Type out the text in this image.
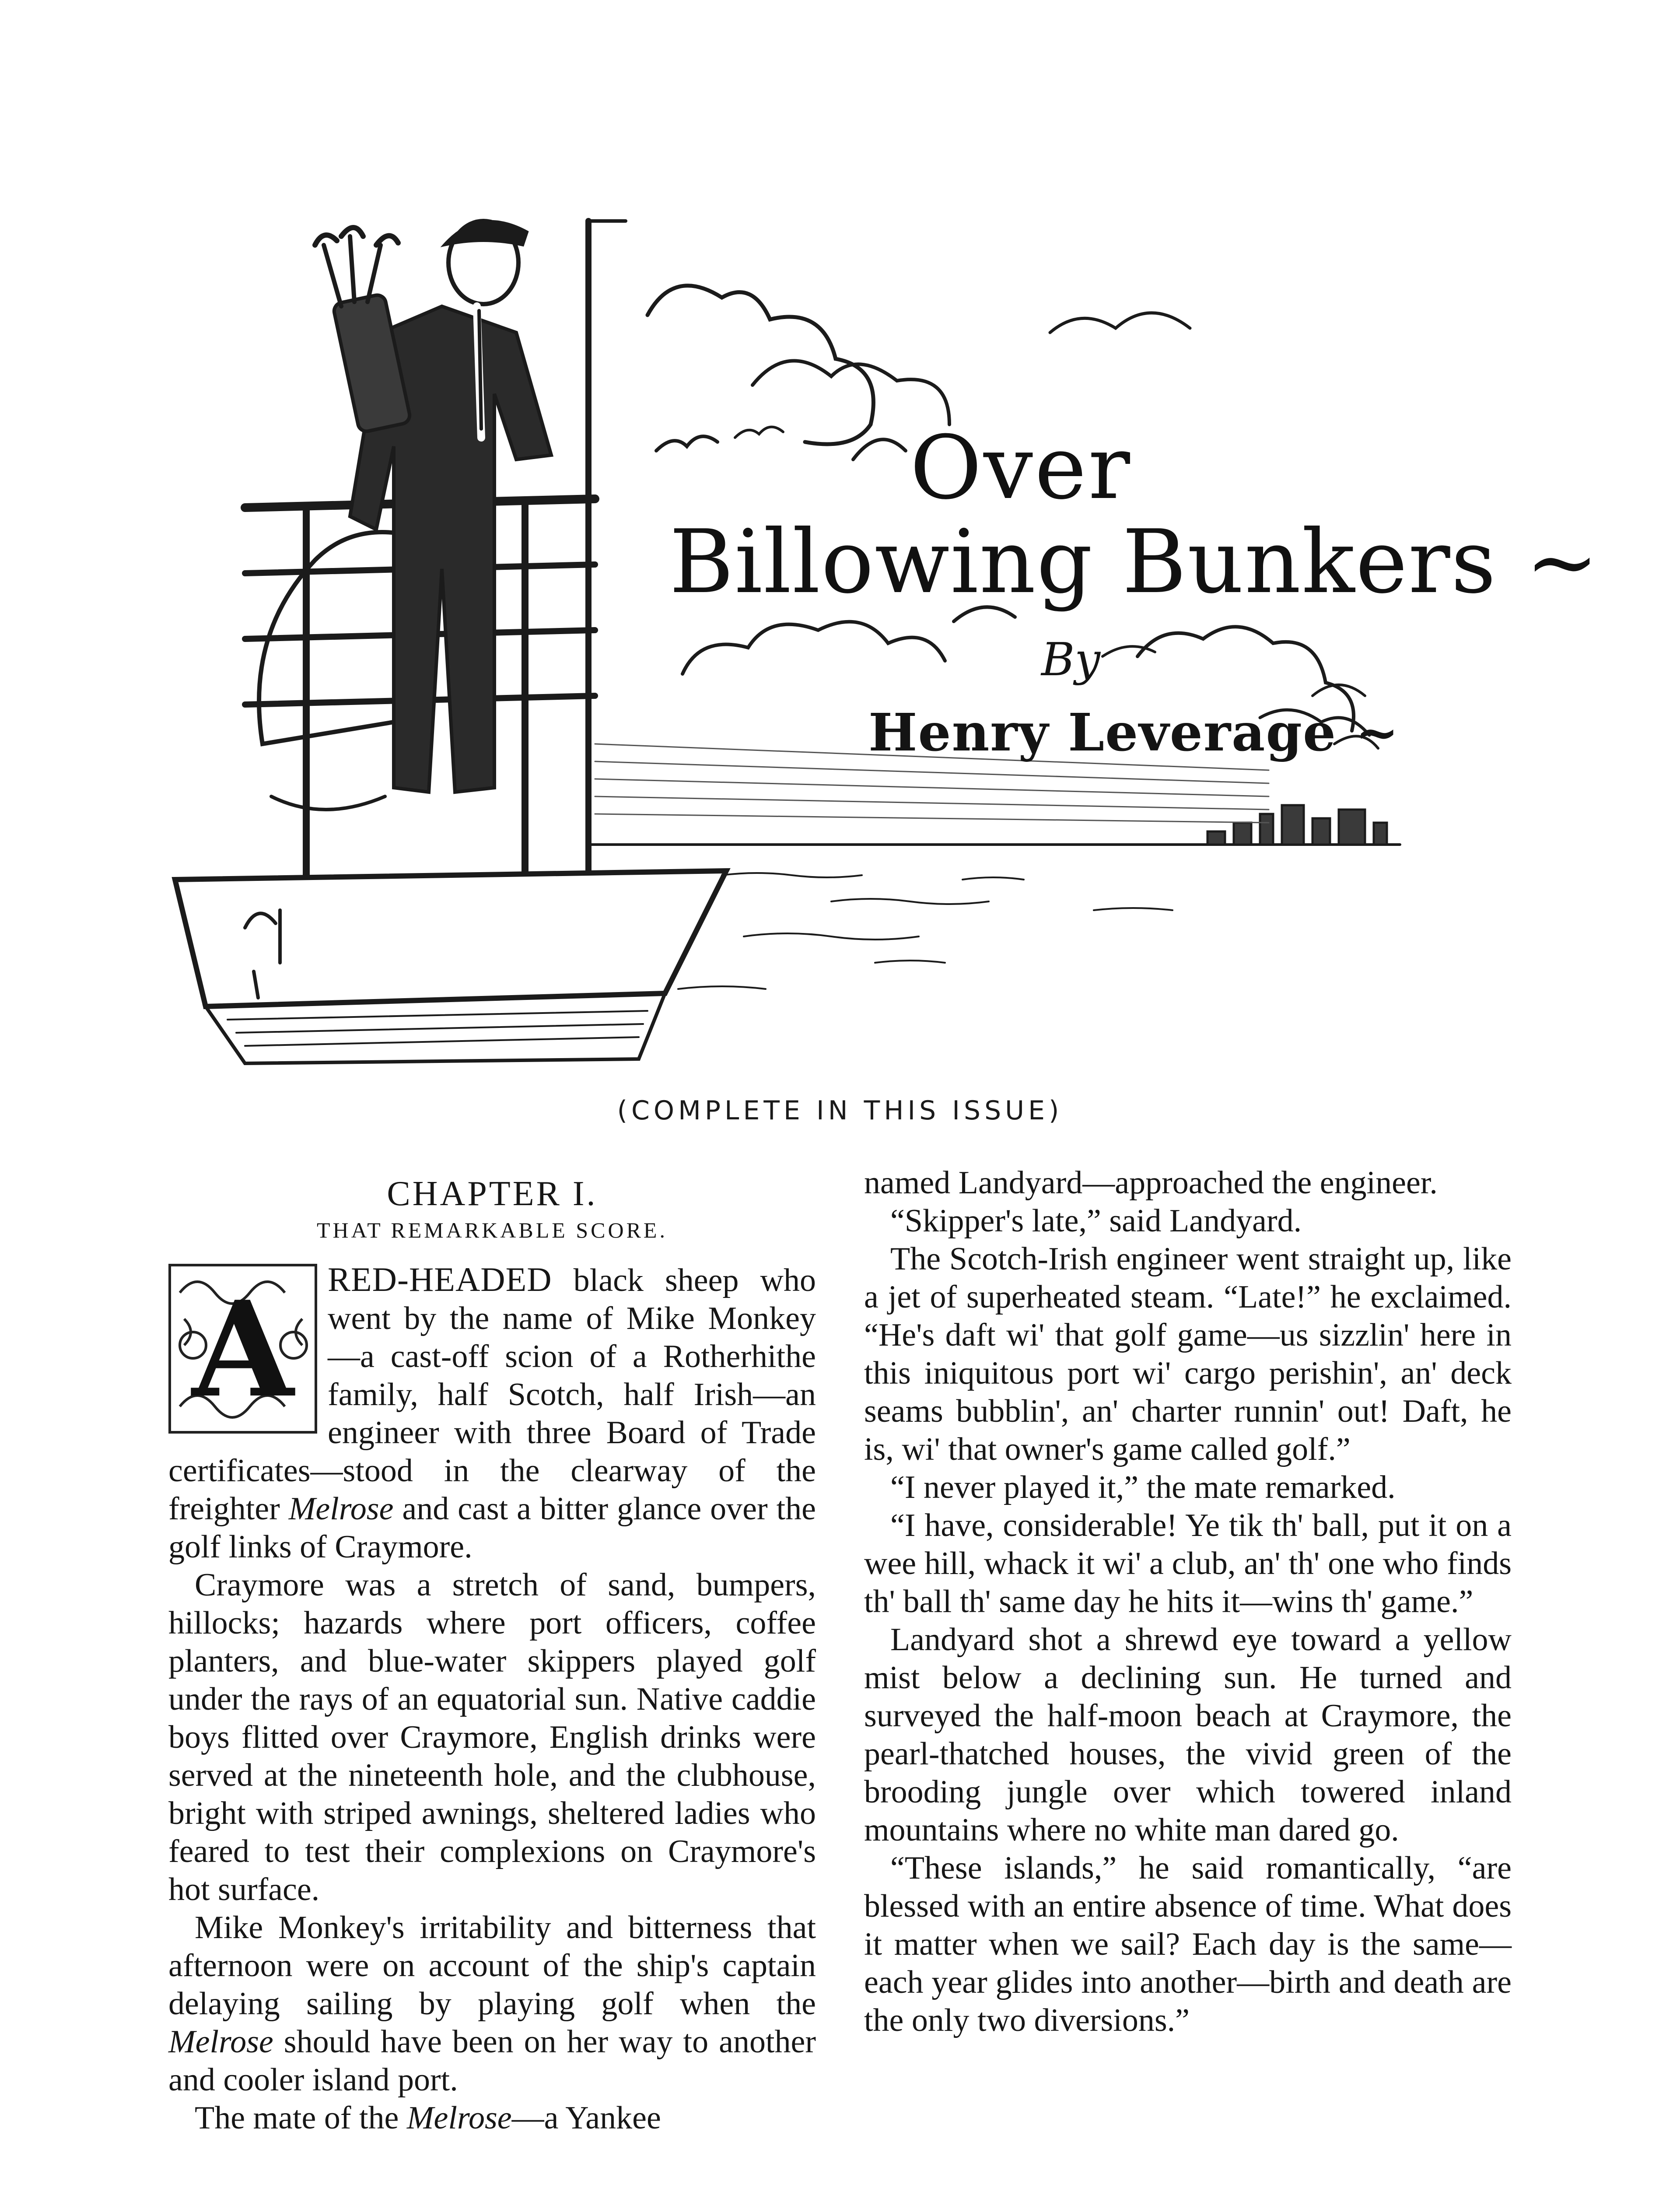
Over
Billowing Bunkers ~
By
Henry Leverage ~
(COMPLETE IN THIS ISSUE)
CHAPTER I.
THAT REMARKABLE SCORE.
A RED-HEADED black sheep who went by the name of Mike Monkey—a cast-off scion of a Rotherhithe family, half Scotch, half Irish—an engineer with three Board of Trade certificates—stood in the clearway of the freighter Melrose and cast a bitter glance over the golf links of Craymore.

Craymore was a stretch of sand, bumpers, hillocks; hazards where port officers, coffee planters, and blue-water skippers played golf under the rays of an equatorial sun. Native caddie boys flitted over Craymore, English drinks were served at the nineteenth hole, and the clubhouse, bright with striped awnings, sheltered ladies who feared to test their complexions on Craymore's hot surface.

Mike Monkey's irritability and bitterness that afternoon were on account of the ship's captain delaying sailing by playing golf when the Melrose should have been on her way to another and cooler island port.

The mate of the Melrose—a Yankee

named Landyard—approached the engineer.

“Skipper's late,” said Landyard.

The Scotch-Irish engineer went straight up, like a jet of superheated steam. “Late!” he exclaimed. “He's daft wi' that golf game—us sizzlin' here in this iniquitous port wi' cargo perishin', an' deck seams bubblin', an' charter runnin' out! Daft, he is, wi' that owner's game called golf.”

“I never played it,” the mate remarked.

“I have, considerable! Ye tik th' ball, put it on a wee hill, whack it wi' a club, an' th' one who finds th' ball th' same day he hits it—wins th' game.”

Landyard shot a shrewd eye toward a yellow mist below a declining sun. He turned and surveyed the half-moon beach at Craymore, the pearl-thatched houses, the vivid green of the brooding jungle over which towered inland mountains where no white man dared go.

“These islands,” he said romantically, “are blessed with an entire absence of time. What does it matter when we sail? Each day is the same—each year glides into another—birth and death are the only two diversions.”
